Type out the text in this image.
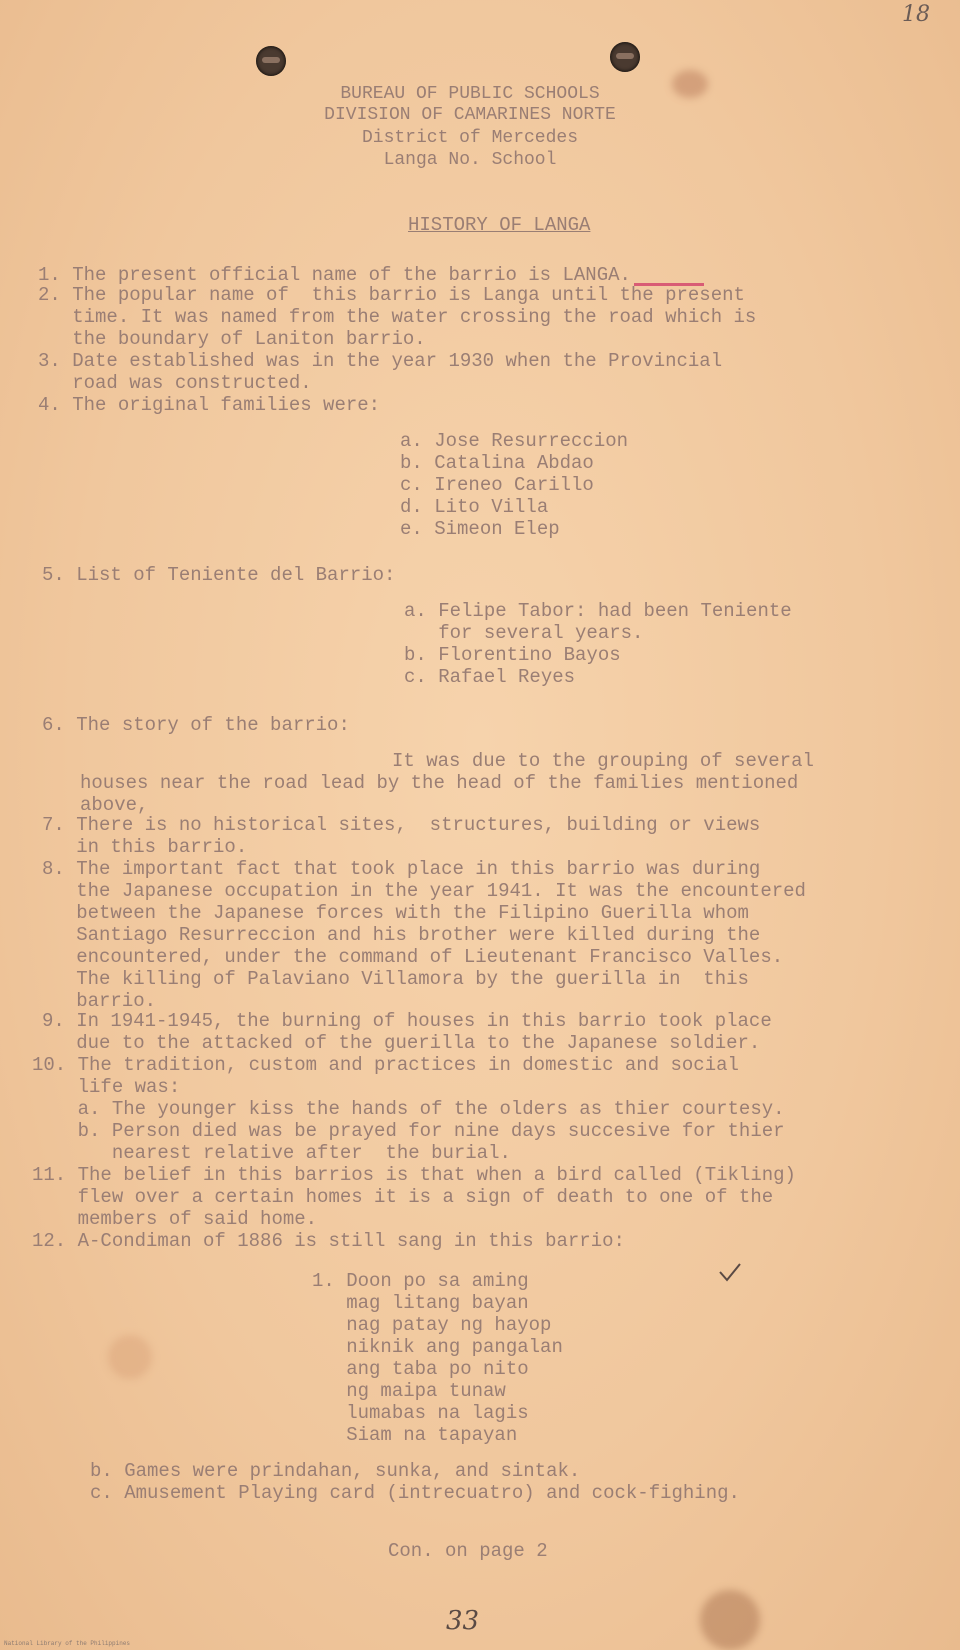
18
BUREAU OF PUBLIC SCHOOLS
DIVISION OF CAMARINES NORTE
District of Mercedes
Langa No. School
HISTORY OF LANGA
1. The present official name of the barrio is LANGA.
2. The popular name of  this barrio is Langa until the present
time. It was named from the water crossing the road which is
the boundary of Laniton barrio.
3. Date established was in the year 1930 when the Provincial
road was constructed.
4. The original families were:
a. Jose Resurreccion
b. Catalina Abdao
c. Ireneo Carillo
d. Lito Villa
e. Simeon Elep
5. List of Teniente del Barrio:
a. Felipe Tabor: had been Teniente
for several years.
b. Florentino Bayos
c. Rafael Reyes
6. The story of the barrio:
It was due to the grouping of several
houses near the road lead by the head of the families mentioned
above,
7. There is no historical sites,  structures, building or views
in this barrio.
8. The important fact that took place in this barrio was during
the Japanese occupation in the year 1941. It was the encountered
between the Japanese forces with the Filipino Guerilla whom
Santiago Resurreccion and his brother were killed during the
encountered, under the command of Lieutenant Francisco Valles.
The killing of Palaviano Villamora by the guerilla in  this
barrio.
9. In 1941-1945, the burning of houses in this barrio took place
due to the attacked of the guerilla to the Japanese soldier.
10. The tradition, custom and practices in domestic and social
life was:
a. The younger kiss the hands of the olders as thier courtesy.
b. Person died was be prayed for nine days succesive for thier
nearest relative after  the burial.
11. The belief in this barrios is that when a bird called (Tikling)
flew over a certain homes it is a sign of death to one of the
members of said home.
12. A-Condiman of 1886 is still sang in this barrio:

1. Doon po sa aming
mag litang bayan
nag patay ng hayop
niknik ang pangalan
ang taba po nito
ng maipa tunaw
lumabas na lagis
Siam na tapayan
b. Games were prindahan, sunka, and sintak.
c. Amusement Playing card (intrecuatro) and cock-fighing.
Con. on page 2
33
National Library of the Philippines
